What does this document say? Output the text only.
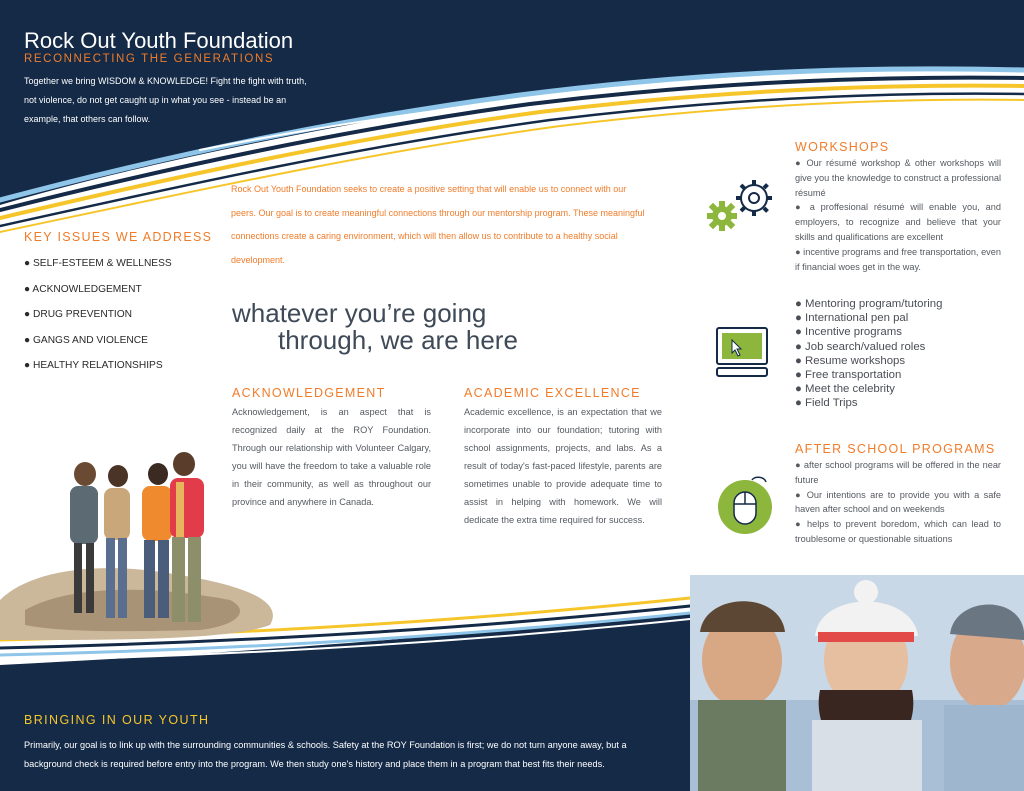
Rock Out Youth Foundation
RECONNECTING THE GENERATIONS
Together we bring WISDOM & KNOWLEDGE! Fight the fight with truth, not violence, do not get caught up in what you see - instead be an example, that others can follow.
Rock Out Youth Foundation seeks to create a positive setting that will enable us to connect with our peers. Our goal is to create meaningful connections through our mentorship program. These meaningful connections create a caring environment, which will then allow us to contribute to a healthy social development.
KEY ISSUES WE ADDRESS
● SELF-ESTEEM & WELLNESS
● ACKNOWLEDGEMENT
● DRUG PREVENTION
● GANGS AND VIOLENCE
● HEALTHY RELATIONSHIPS
whatever you’re going
through, we are here
ACKNOWLEDGEMENT
Acknowledgement, is an aspect that is recognized daily at the ROY Foundation. Through our relationship with Volunteer Calgary, you will have the freedom to take a valuable role in their community, as well as throughout our province and anywhere in Canada.
ACADEMIC EXCELLENCE
Academic excellence, is an expectation that we incorporate into our foundation; tutoring with school assignments, projects, and labs. As a result of today's fast-paced lifestyle, parents are sometimes unable to provide adequate time to assist in helping with homework. We will dedicate the extra time required for success.
WORKSHOPS
● Our résumé workshop & other workshops will give you the knowledge to construct a professional résumé
● a proffesional résumé will enable you, and employers, to recognize and believe that your skills and qualifications are excellent
● incentive programs and free transportation, even if financial woes get in the way.
● Mentoring program/tutoring
● International pen pal
● Incentive programs
● Job search/valued roles
● Resume workshops
● Free transportation
● Meet the celebrity
● Field Trips
AFTER SCHOOL PROGRAMS
● after school programs will be offered in the near future
● Our intentions are to provide you with a safe haven after school and on weekends
● helps to prevent boredom, which can lead to troublesome or questionable situations
BRINGING IN OUR YOUTH
Primarily, our goal is to link up with the surrounding communities & schools. Safety at the ROY Foundation is first; we do not turn anyone away, but a background check is required before entry into the program. We then study one's history and place them in a program that best fits their needs.
